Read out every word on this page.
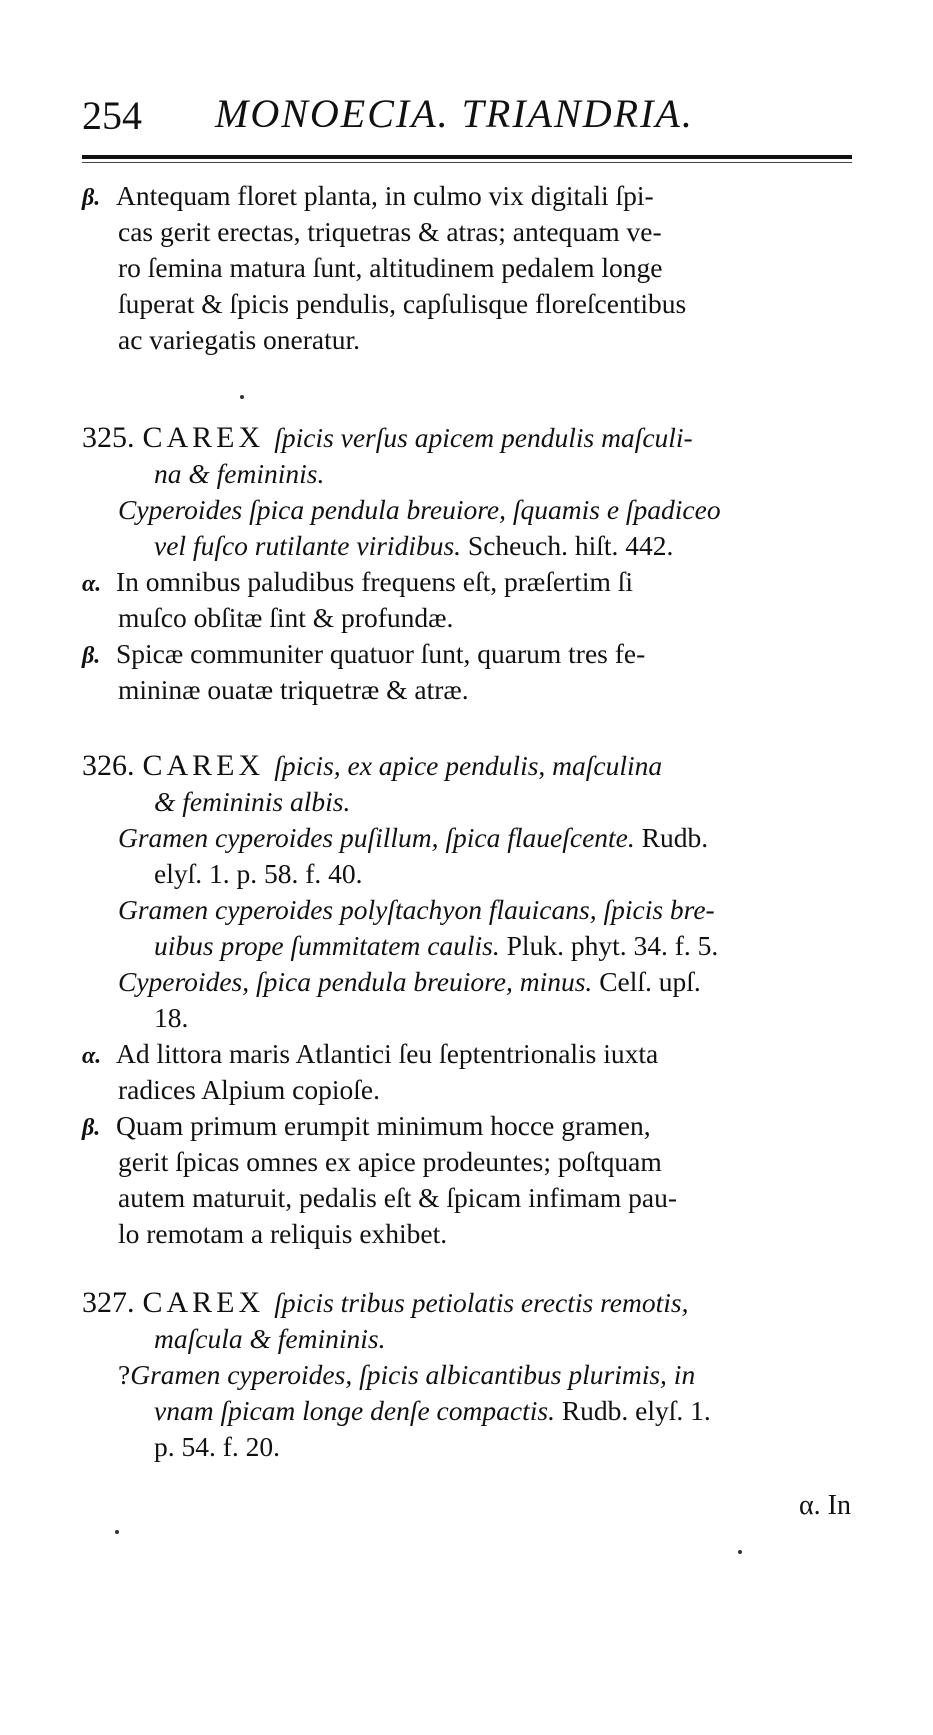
254 MONOECIA. TRIANDRIA.
β. Antequam floret planta, in culmo vix digitali ſpi-
cas gerit erectas, triquetras & atras; antequam ve-
ro ſemina matura ſunt, altitudinem pedalem longe
ſuperat & ſpicis pendulis, capſulisque floreſcentibus
ac variegatis oneratur.
325. CAREX ſpicis verſus apicem pendulis maſculi-
na & femininis.
Cyperoides ſpica pendula breuiore, ſquamis e ſpadiceo
vel fuſco rutilante viridibus. Scheuch. hiſt. 442.
α. In omnibus paludibus frequens eſt, præſertim ſi
muſco obſitæ ſint & profundæ.
β. Spicæ communiter quatuor ſunt, quarum tres fe-
mininæ ouatæ triquetræ & atræ.
326. CAREX ſpicis, ex apice pendulis, maſculina
& femininis albis.
Gramen cyperoides puſillum, ſpica flaueſcente. Rudb.
elyſ. 1. p. 58. f. 40.
Gramen cyperoides polyſtachyon flauicans, ſpicis bre-
uibus prope ſummitatem caulis. Pluk. phyt. 34. f. 5.
Cyperoides, ſpica pendula breuiore, minus. Celſ. upſ.
18.
α. Ad littora maris Atlantici ſeu ſeptentrionalis iuxta
radices Alpium copioſe.
β. Quam primum erumpit minimum hocce gramen,
gerit ſpicas omnes ex apice prodeuntes; poſtquam
autem maturuit, pedalis eſt & ſpicam infimam pau-
lo remotam a reliquis exhibet.
327. CAREX ſpicis tribus petiolatis erectis remotis,
maſcula & femininis.
?Gramen cyperoides, ſpicis albicantibus plurimis, in
vnam ſpicam longe denſe compactis. Rudb. elyſ. 1.
p. 54. f. 20.
α. In
